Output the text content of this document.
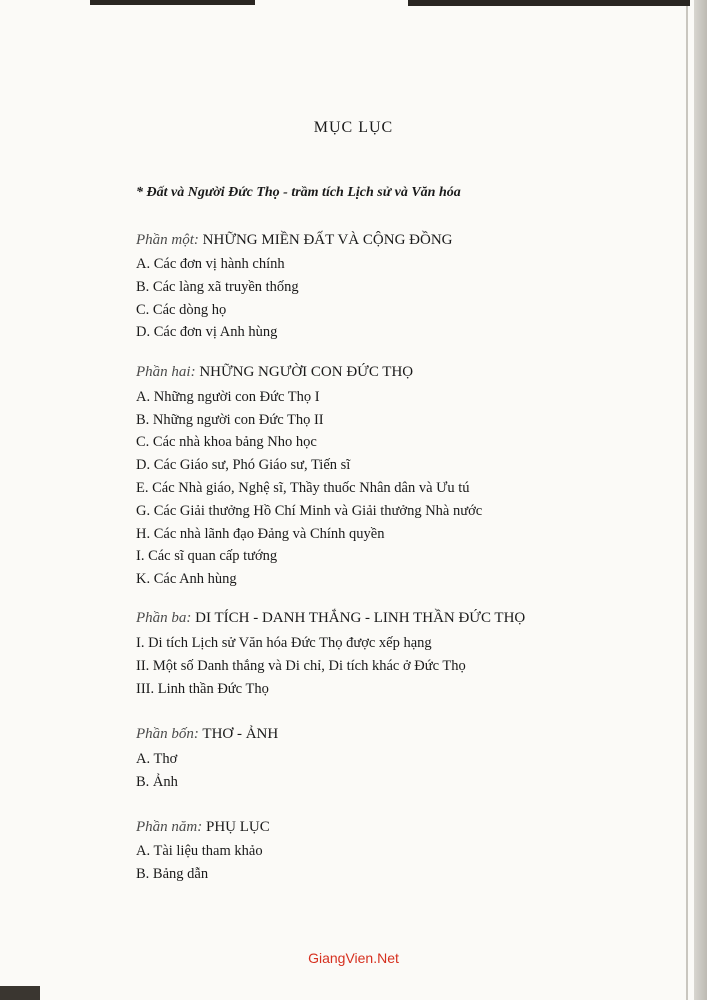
MỤC LỤC
* Đất và Người Đức Thọ - trầm tích Lịch sử và Văn hóa
Phần một: NHỮNG MIỀN ĐẤT VÀ CỘNG ĐỒNG
A. Các đơn vị hành chính
B. Các làng xã truyền thống
C. Các dòng họ
D. Các đơn vị Anh hùng
Phần hai: NHỮNG NGƯỜI CON ĐỨC THỌ
A. Những người con Đức Thọ I
B. Những người con Đức Thọ II
C. Các nhà khoa bảng Nho học
D. Các Giáo sư, Phó Giáo sư, Tiến sĩ
E. Các Nhà giáo, Nghệ sĩ, Thầy thuốc Nhân dân và Ưu tú
G. Các Giải thưởng Hồ Chí Minh và Giải thưởng Nhà nước
H. Các nhà lãnh đạo Đảng và Chính quyền
I. Các sĩ quan cấp tướng
K. Các Anh hùng
Phần ba: DI TÍCH - DANH THẮNG - LINH THẦN ĐỨC THỌ
I. Di tích Lịch sử Văn hóa Đức Thọ được xếp hạng
II. Một số Danh thắng và Di chỉ, Di tích khác ở Đức Thọ
III. Linh thần Đức Thọ
Phần bốn: THƠ - ẢNH
A. Thơ
B. Ảnh
Phần năm: PHỤ LỤC
A. Tài liệu tham khảo
B. Bảng dẫn
GiangVien.Net
